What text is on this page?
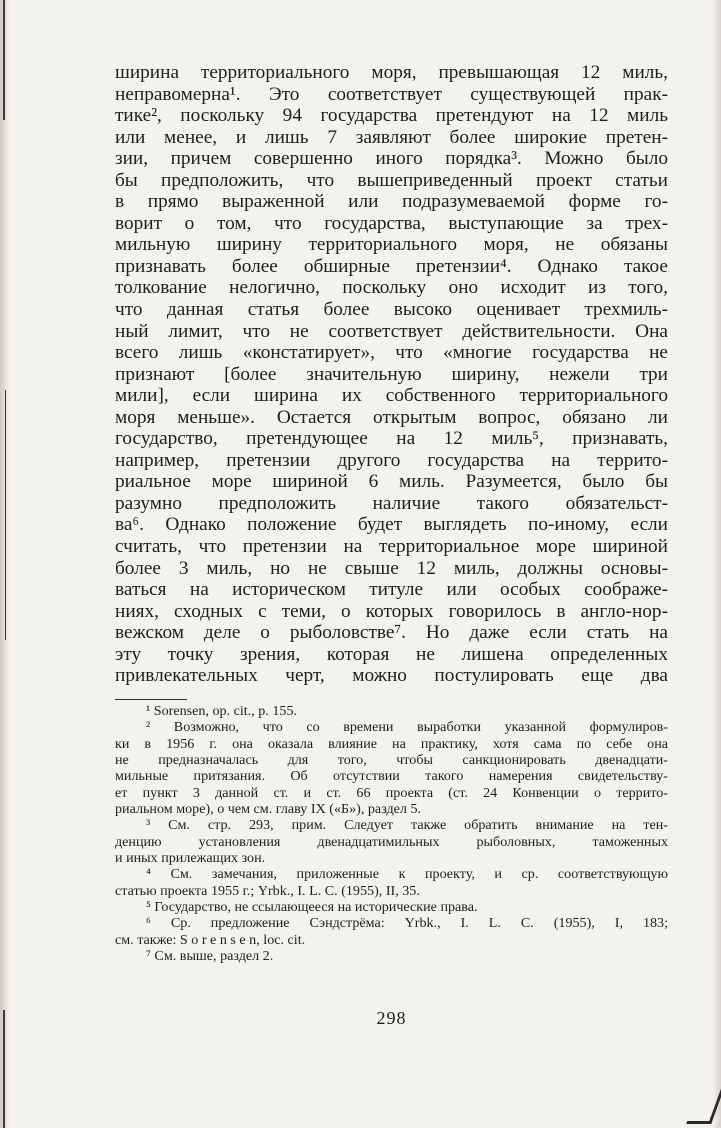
ширина территориального моря, превышающая 12 миль,
неправомерна¹. Это соответствует существующей прак-
тике², поскольку 94 государства претендуют на 12 миль
или менее, и лишь 7 заявляют более широкие претен-
зии, причем совершенно иного порядка³. Можно было
бы предположить, что вышеприведенный проект статьи
в прямо выраженной или подразумеваемой форме го-
ворит о том, что государства, выступающие за трех-
мильную ширину территориального моря, не обязаны
признавать более обширные претензии⁴. Однако такое
толкование нелогично, поскольку оно исходит из того,
что данная статья более высоко оценивает трехмиль-
ный лимит, что не соответствует действительности. Она
всего лишь «констатирует», что «многие государства не
признают [более значительную ширину, нежели три
мили], если ширина их собственного территориального
моря меньше». Остается открытым вопрос, обязано ли
государство, претендующее на 12 миль⁵, признавать,
например, претензии другого государства на террито-
риальное море шириной 6 миль. Разумеется, было бы
разумно предположить наличие такого обязательст-
ва⁶. Однако положение будет выглядеть по-иному, если
считать, что претензии на территориальное море шириной
более 3 миль, но не свыше 12 миль, должны основы-
ваться на историческом титуле или особых соображе-
ниях, сходных с теми, о которых говорилось в англо-нор-
вежском деле о рыболовстве⁷. Но даже если стать на
эту точку зрения, которая не лишена определенных
привлекательных черт, можно постулировать еще два
¹ Sorensen, op. cit., p. 155.
² Возможно, что со времени выработки указанной формулиров-
ки в 1956 г. она оказала влияние на практику, хотя сама по себе она
не предназначалась для того, чтобы санкционировать двенадцати-
мильные притязания. Об отсутствии такого намерения свидетельству-
ет пункт 3 данной ст. и ст. 66 проекта (ст. 24 Конвенции о террито-
риальном море), о чем см. главу IX («Б»), раздел 5.
³ См. стр. 293, прим. Следует также обратить внимание на тен-
денцию установления двенадцатимильных рыболовных, таможенных
и иных прилежащих зон.
⁴ См. замечания, приложенные к проекту, и ср. соответствующую
статью проекта 1955 г.; Yrbk., I. L. C. (1955), II, 35.
⁵ Государство, не ссылающееся на исторические права.
⁶ Ср. предложение Сэндстрёма: Yrbk., I. L. C. (1955), I, 183;
см. также: S o r e n s e n, loc. cit.
⁷ См. выше, раздел 2.
298
